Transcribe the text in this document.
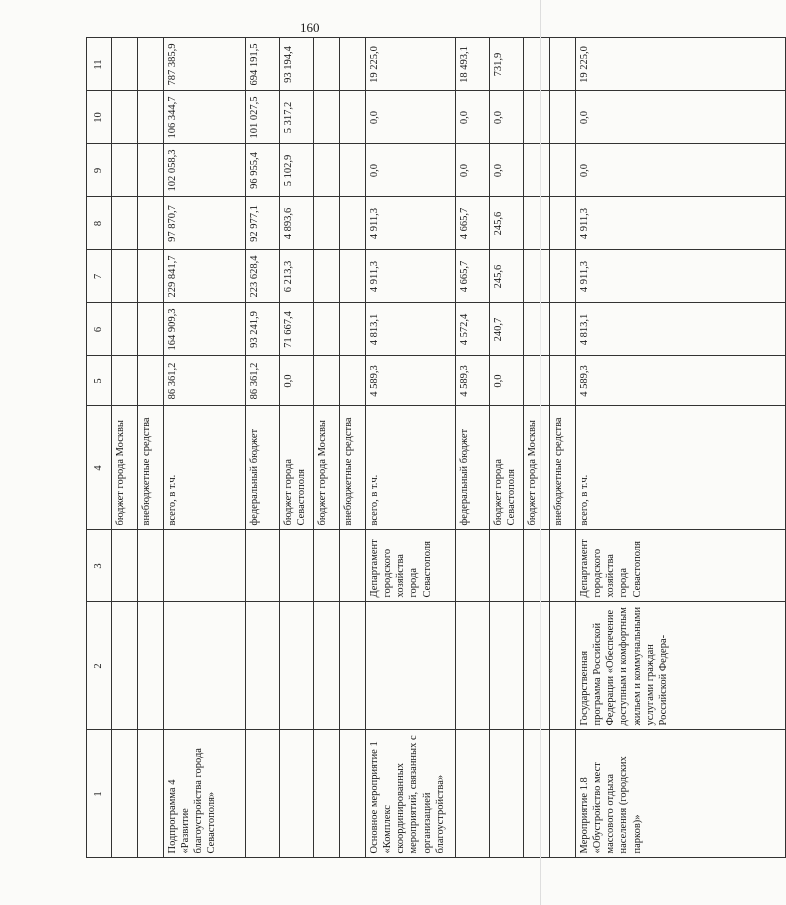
160
	1	2	3	4	5	6	7	8	9	10	11
				бюджет города Москвы							
				внебюджетные средства							
	Подпрограмма 4 «Развитие благоустройства города Севастополя»			всего, в т.ч.	86 361,2	164 909,3	229 841,7	97 870,7	102 058,3	106 344,7	787 385,9
				федеральный бюджет	86 361,2	93 241,9	223 628,4	92 977,1	96 955,4	101 027,5	694 191,5
				бюджет города Севастополя	0,0	71 667,4	6 213,3	4 893,6	5 102,9	5 317,2	93 194,4
				бюджет города Москвы							
				внебюджетные средства							
	Основное мероприятие 1 «Комплекс скоординированных мероприятий, связанных с организацией благоустройства»		Департамент городского хозяйства города Севастополя	всего, в т.ч.	4 589,3	4 813,1	4 911,3	4 911,3	0,0	0,0	19 225,0
				федеральный бюджет	4 589,3	4 572,4	4 665,7	4 665,7	0,0	0,0	18 493,1
				бюджет города Севастополя	0,0	240,7	245,6	245,6	0,0	0,0	731,9
				бюджет города Москвы							
				внебюджетные средства							
	Мероприятие 1.8 «Обустройство мест массового отдыха населения (городских парков)»	Государственная программа Российской Федерации «Обеспечение доступным и комфортным жильем и коммунальными услугами граждан Российской Федера-	Департамент городского хозяйства города Севастополя	всего, в т.ч.	4 589,3	4 813,1	4 911,3	4 911,3	0,0	0,0	19 225,0
